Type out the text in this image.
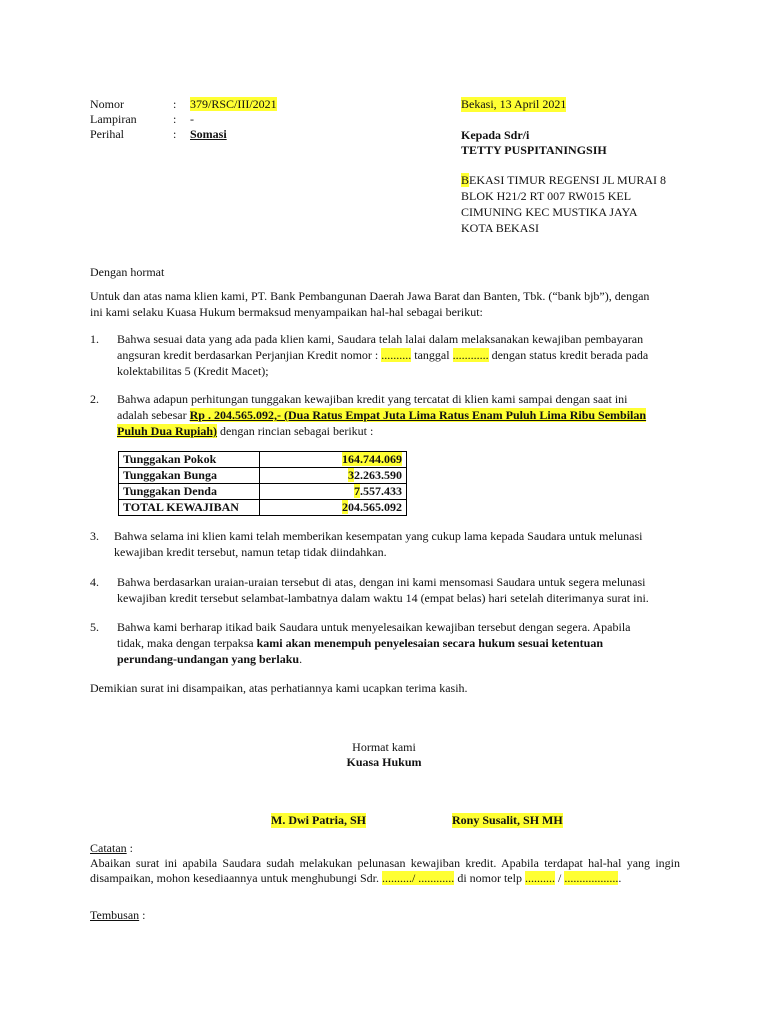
Nomor	: 379/RSC/III/2021
Lampiran	: -
Perihal	: Somasi
Bekasi, 13 April 2021
Kepada Sdr/i
TETTY PUSPITANINGSIH
BEKASI TIMUR REGENSI JL MURAI 8
BLOK H21/2 RT 007 RW015 KEL
CIMUNING KEC MUSTIKA JAYA
KOTA BEKASI
Dengan hormat
Untuk dan atas nama klien kami, PT. Bank Pembangunan Daerah Jawa Barat dan Banten, Tbk. (“bank bjb”), dengan
ini kami selaku Kuasa Hukum bermaksud menyampaikan hal-hal sebagai berikut:
1.	Bahwa sesuai data yang ada pada klien kami, Saudara telah lalai dalam melaksanakan kewajiban pembayaran
angsuran kredit berdasarkan Perjanjian Kredit nomor : .......... tanggal ............ dengan status kredit berada pada
kolektabilitas 5 (Kredit Macet);
2.	Bahwa adapun perhitungan tunggakan kewajiban kredit yang tercatat di klien kami sampai dengan saat ini
adalah sebesar Rp . 204.565.092,- (Dua Ratus Empat Juta Lima Ratus Enam Puluh Lima Ribu Sembilan
Puluh Dua Rupiah) dengan rincian sebagai berikut :
Tunggakan Pokok	164.744.069
Tunggakan Bunga	32.263.590
Tunggakan Denda	7.557.433
TOTAL KEWAJIBAN	204.565.092
3.	Bahwa selama ini klien kami telah memberikan kesempatan yang cukup lama kepada Saudara untuk melunasi
kewajiban kredit tersebut, namun tetap tidak diindahkan.
4.	Bahwa berdasarkan uraian-uraian tersebut di atas, dengan ini kami mensomasi Saudara untuk segera melunasi
kewajiban kredit tersebut selambat-lambatnya dalam waktu 14 (empat belas) hari setelah diterimanya surat ini.
5.	Bahwa kami berharap itikad baik Saudara untuk menyelesaikan kewajiban tersebut dengan segera. Apabila
tidak, maka dengan terpaksa kami akan menempuh penyelesaian secara hukum sesuai ketentuan
perundang-undangan yang berlaku.
Demikian surat ini disampaikan, atas perhatiannya kami ucapkan terima kasih.
Hormat kami
Kuasa Hukum
M. Dwi Patria, SH	Rony Susalit, SH MH
Catatan :
Abaikan surat ini apabila Saudara sudah melakukan pelunasan kewajiban kredit. Apabila terdapat hal-hal yang ingin
disampaikan, mohon kesediaannya untuk menghubungi Sdr. ........../ ............ di nomor telp .......... / ...................
Tembusan :
